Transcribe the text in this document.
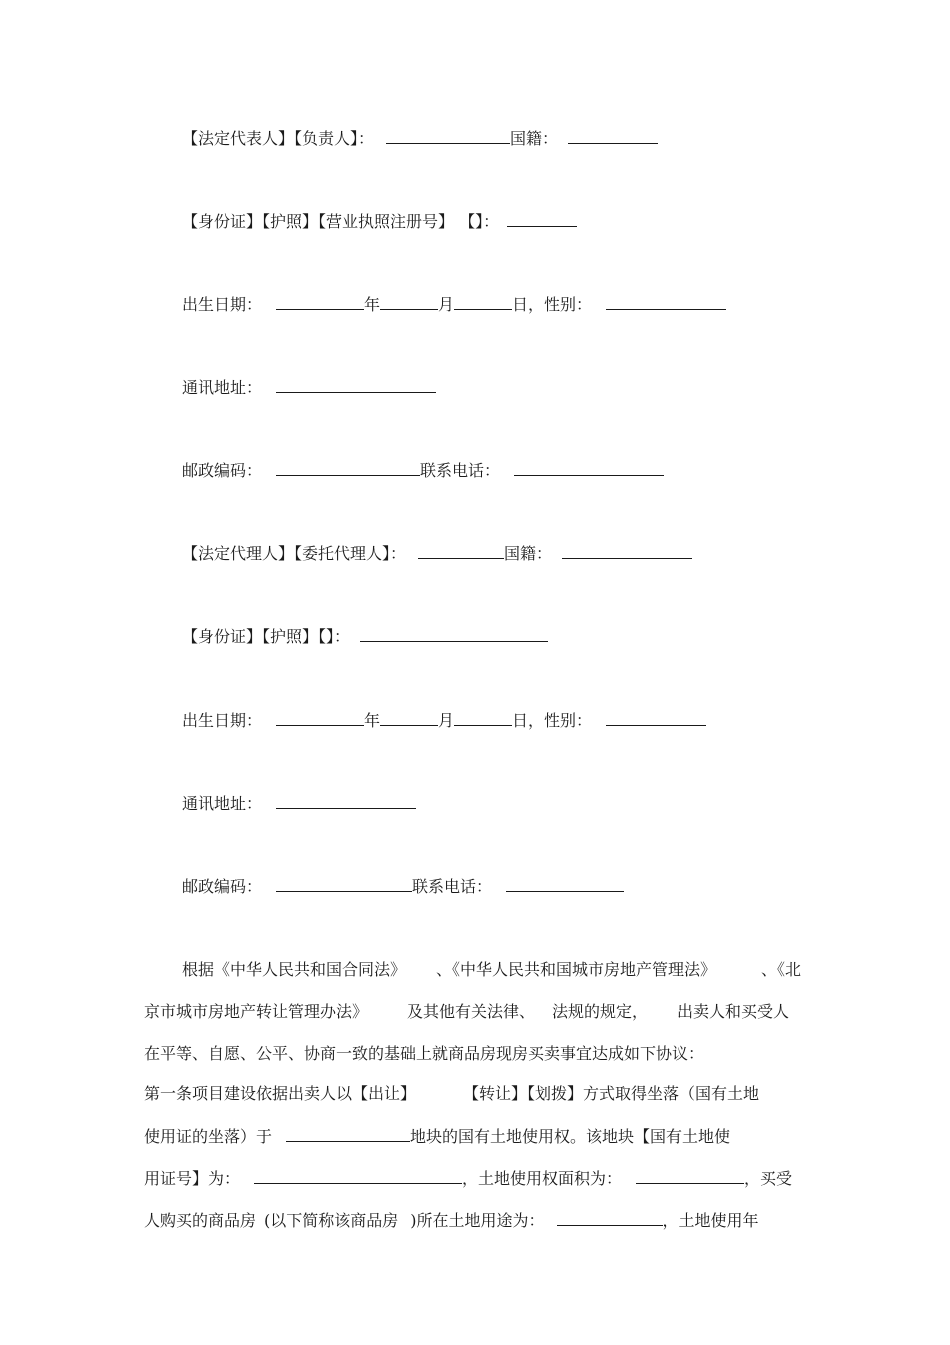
【法定代表人】【负责人】：	国籍：
【身份证】【护照】【营业执照注册号】 【】：
出生日期：	年	月	日，性别：
通讯地址：
邮政编码：	联系电话：
【法定代理人】【委托代理人】：	国籍：
【身份证】【护照】【】：
出生日期：	年	月	日，性别：
通讯地址：
邮政编码：	联系电话：
根据《中华人民共和国合同法》 、《中华人民共和国城市房地产管理法》	、《北
京市城市房地产转让管理办法》 及其他有关法律、 法规的规定， 出卖人和买受人
在平等、自愿、公平、协商一致的基础上就商品房现房买卖事宜达成如下协议：
第一条项目建设依据出卖人以【出让】	【转让】【划拨】方式取得坐落（国有土地
使用证的坐落）于	地块的国有土地使用权。该地块【国有土地使
用证号】为：	，土地使用权面积为：	，买受
人购买的商品房 (以下简称该商品房 )所在土地用途为：	，土地使用年
